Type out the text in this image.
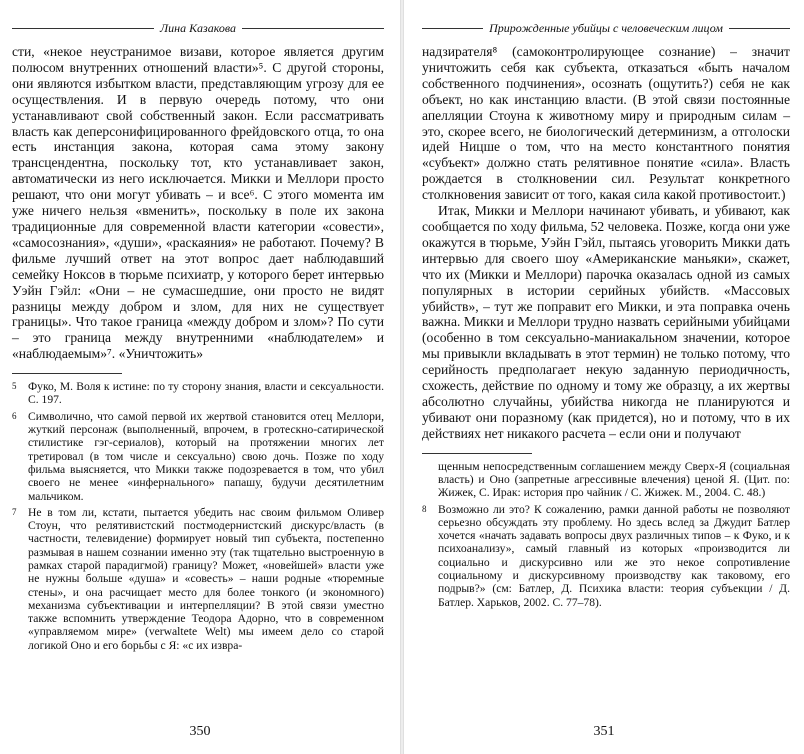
Лина Казакова

сти, «некое неустранимое визави, которое является другим полюсом внутренних отношений власти»⁵. С другой стороны, они являются избытком власти, представляющим угрозу для ее осуществления. И в первую очередь потому, что они устанавливают свой собственный закон. Если рассматривать власть как деперсонифицированного фрейдовского отца, то она есть инстанция закона, которая сама этому закону трансцендентна, поскольку тот, кто устанавливает закон, автоматически из него исключается. Микки и Меллори просто решают, что они могут убивать – и все⁶. С этого момента им уже ничего нельзя «вменить», поскольку в поле их закона традиционные для современной власти категории «совести», «самосознания», «души», «раскаяния» не работают. Почему? В фильме лучший ответ на этот вопрос дает наблюдавший семейку Ноксов в тюрьме психиатр, у которого берет интервью Уэйн Гэйл: «Они – не сумасшедшие, они просто не видят разницы между добром и злом, для них не существует границы». Что такое граница «между добром и злом»? По сути – это граница между внутренними «наблюдателем» и «наблюдаемым»⁷. «Уничтожить»

5 Фуко, М. Воля к истине: по ту сторону знания, власти и сексуальности. С. 197.
6 Символично, что самой первой их жертвой становится отец Меллори, жуткий персонаж (выполненный, впрочем, в гротескно-сатирической стилистике гэг-сериалов), который на протяжении многих лет третировал (в том числе и сексуально) свою дочь. Позже по ходу фильма выясняется, что Микки также подозревается в том, что убил своего не менее «инфернального» папашу, будучи десятилетним мальчиком.
7 Не в том ли, кстати, пытается убедить нас своим фильмом Оливер Стоун, что релятивистский постмодернистский дискурс/власть (в частности, телевидение) формирует новый тип субъекта, постепенно размывая в нашем сознании именно эту (так тщательно выстроенную в рамках старой парадигмой) границу? Может, «новейшей» власти уже не нужны больше «душа» и «совесть» – наши родные «тюремные стены», и она расчищает место для более тонкого (и экономного) механизма субъективации и интерпелляции? В этой связи уместно также вспомнить утверждение Теодора Адорно, что в современном «управляемом мире» (verwaltete Welt) мы имеем дело со старой логикой Оно и его борьбы с Я: «с их извра-
350
Прирожденные убийцы с человеческим лицом

надзирателя⁸ (самоконтролирующее сознание) – значит уничтожить себя как субъекта, отказаться «быть началом собственного подчинения», осознать (ощутить?) себя не как объект, но как инстанцию власти. (В этой связи постоянные апелляции Стоуна к животному миру и природным силам – это, скорее всего, не биологический детерминизм, а отголоски идей Ницше о том, что на место константного понятия «субъект» должно стать релятивное понятие «сила». Власть рождается в столкновении сил. Результат конкретного столкновения зависит от того, какая сила какой противостоит.)

Итак, Микки и Меллори начинают убивать, и убивают, как сообщается по ходу фильма, 52 человека. Позже, когда они уже окажутся в тюрьме, Уэйн Гэйл, пытаясь уговорить Микки дать интервью для своего шоу «Американские маньяки», скажет, что их (Микки и Меллори) парочка оказалась одной из самых популярных в истории серийных убийств. «Массовых убийств», – тут же поправит его Микки, и эта поправка очень важна. Микки и Меллори трудно назвать серийными убийцами (особенно в том сексуально-маниакальном значении, которое мы привыкли вкладывать в этот термин) не только потому, что серийность предполагает некую заданную периодичность, схожесть, действие по одному и тому же образцу, а их жертвы абсолютно случайны, убийства никогда не планируются и убивают они поразному (как придется), но и потому, что в их действиях нет никакого расчета – если они и получают

щенным непосредственным соглашением между Сверх-Я (социальная власть) и Оно (запретные агрессивные влечения) ценой Я. (Цит. по: Жижек, С. Ирак: история про чайник / С. Жижек. М., 2004. С. 48.)
8 Возможно ли это? К сожалению, рамки данной работы не позволяют серьезно обсуждать эту проблему. Но здесь вслед за Джудит Батлер хочется «начать задавать вопросы двух различных типов – к Фуко, и к психоанализу», самый главный из которых «производится ли социально и дискурсивно или же это некое сопротивление социальному и дискурсивному производству как таковому, его подрыв?» (см: Батлер, Д. Психика власти: теория субъекции / Д. Батлер. Харьков, 2002. С. 77–78).
351
